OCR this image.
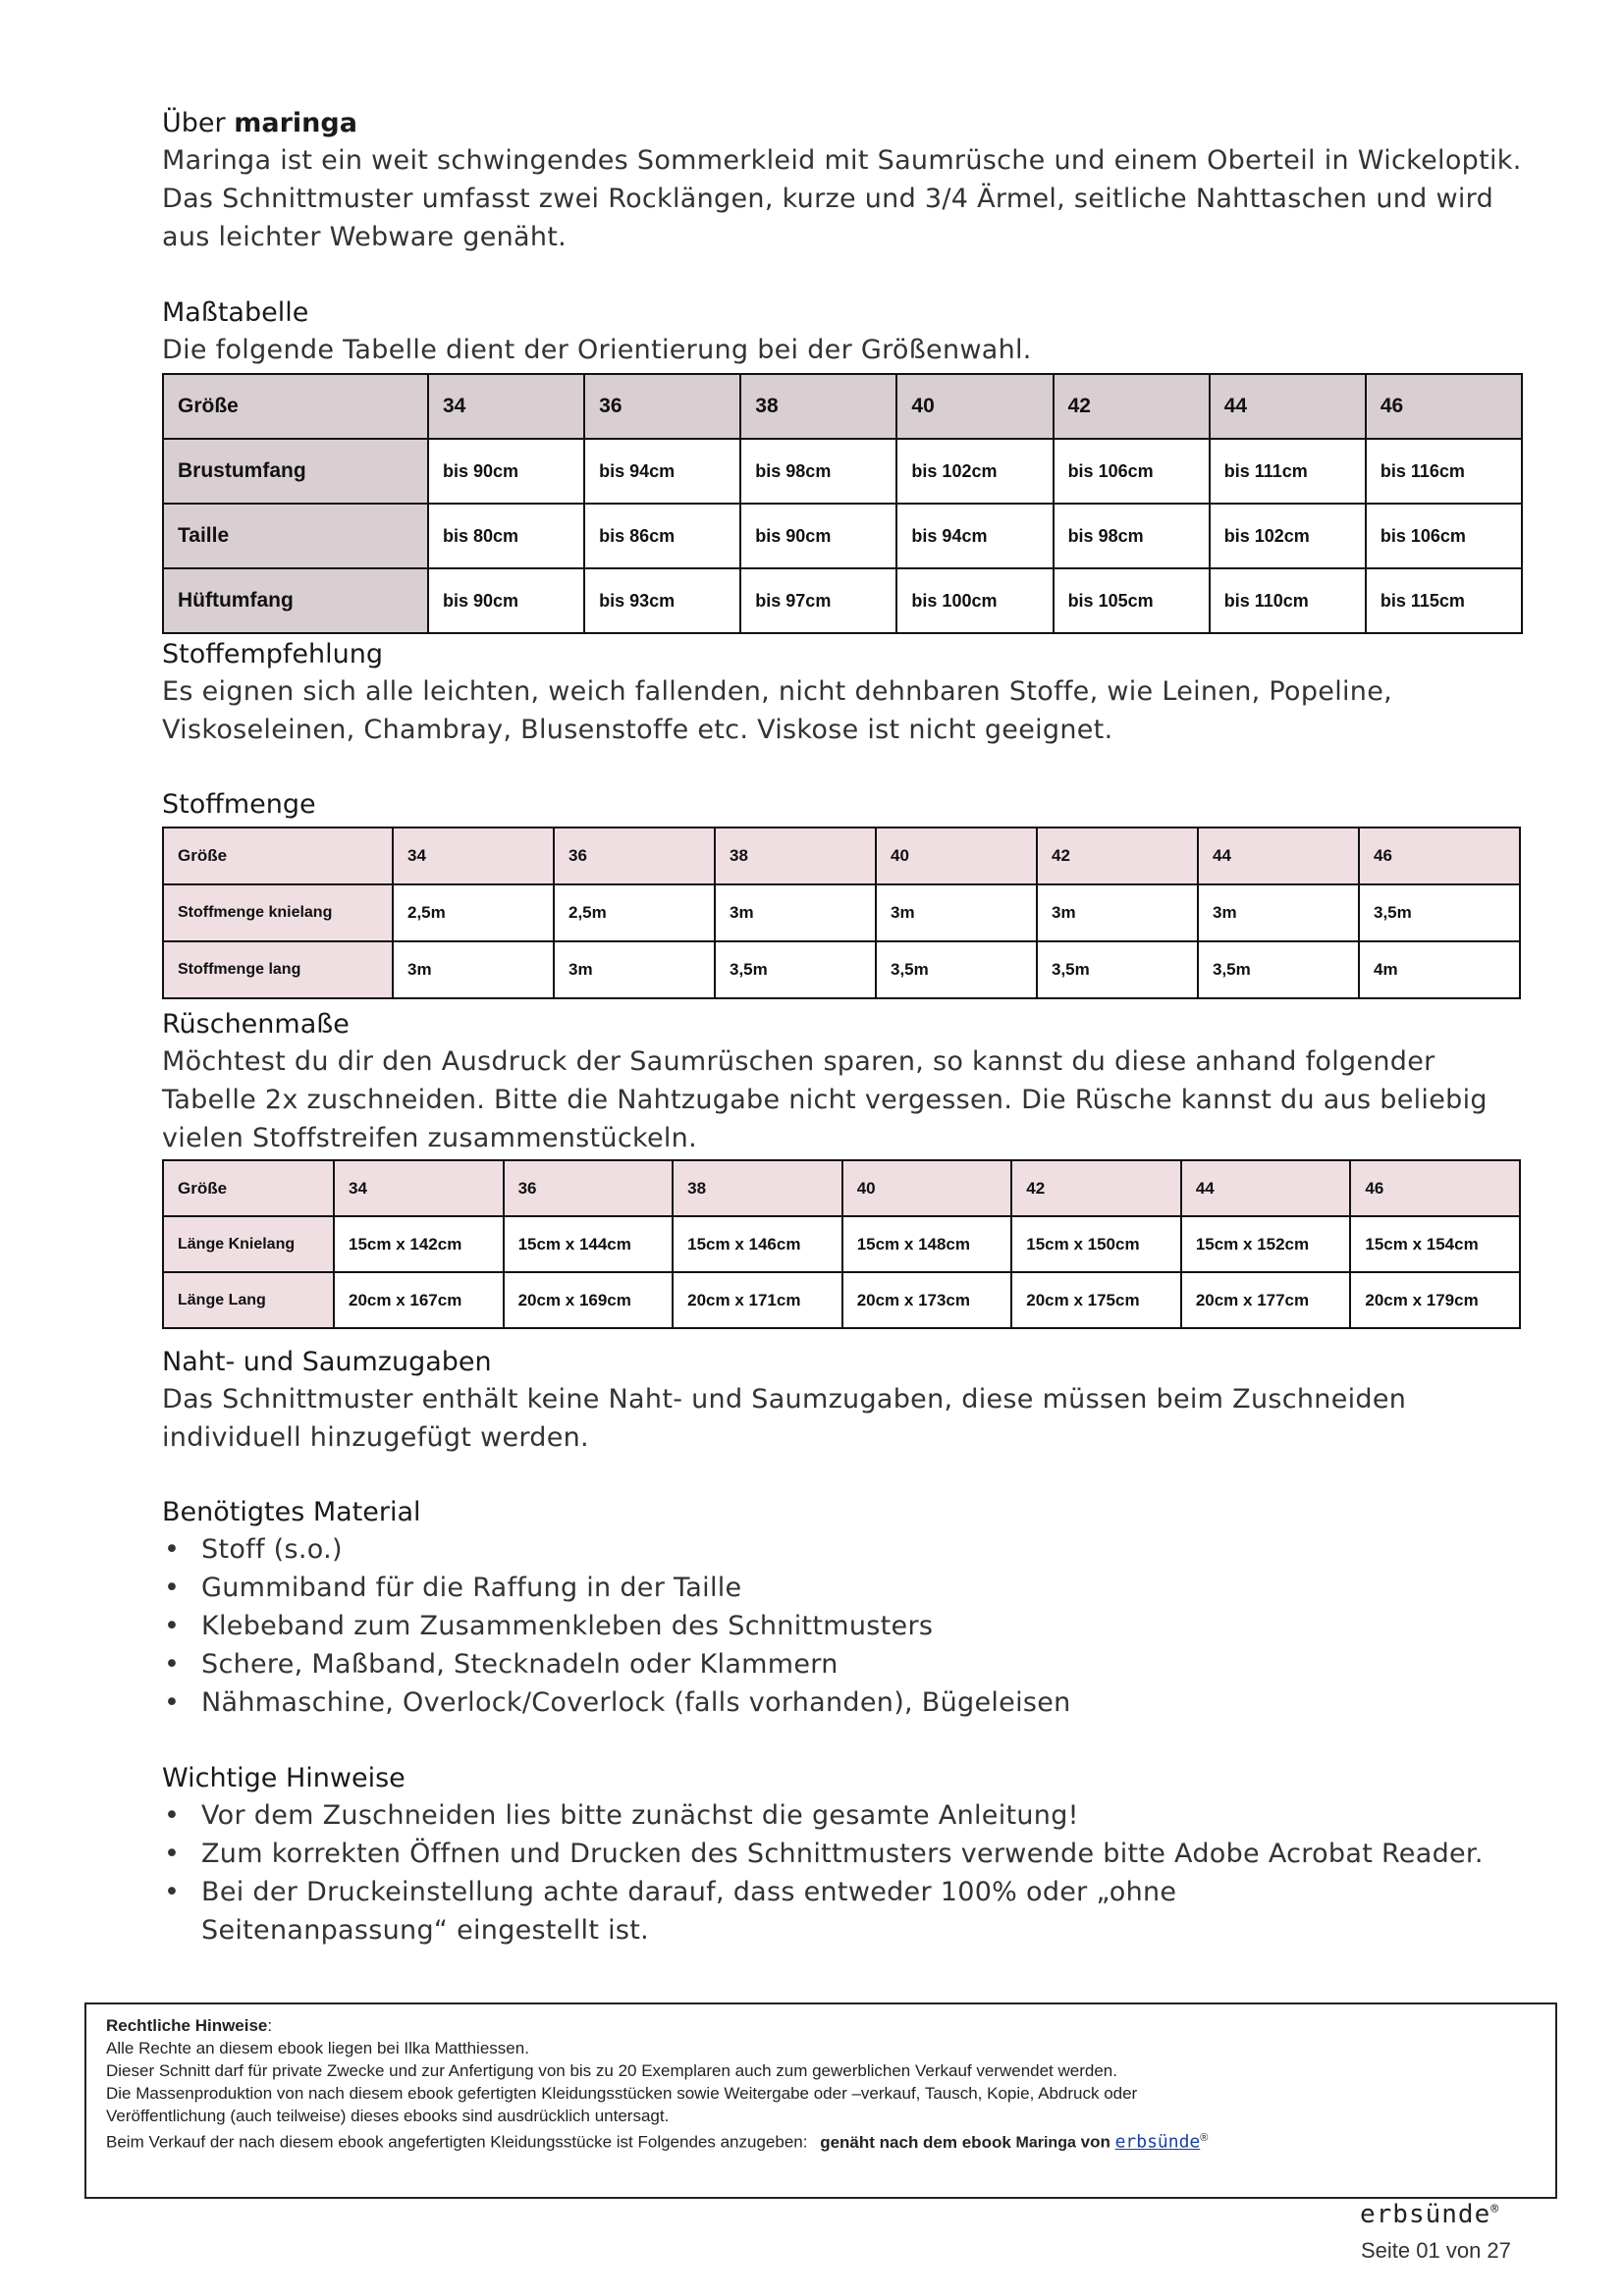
Über maringa
Maringa ist ein weit schwingendes Sommerkleid mit Saumrüsche und einem Oberteil in Wickeloptik. Das Schnittmuster umfasst zwei Rocklängen, kurze und 3/4 Ärmel, seitliche Nahttaschen und wird aus leichter Webware genäht.
Maßtabelle
Die folgende Tabelle dient der Orientierung bei der Größenwahl.
Größe	34	36	38	40	42	44	46
Brustumfang	bis 90cm	bis 94cm	bis 98cm	bis 102cm	bis 106cm	bis 111cm	bis 116cm
Taille	bis 80cm	bis 86cm	bis 90cm	bis 94cm	bis 98cm	bis 102cm	bis 106cm
Hüftumfang	bis 90cm	bis 93cm	bis 97cm	bis 100cm	bis 105cm	bis 110cm	bis 115cm
Stoffempfehlung
Es eignen sich alle leichten, weich fallenden, nicht dehnbaren Stoffe, wie Leinen, Popeline, Viskoseleinen, Chambray, Blusenstoffe etc. Viskose ist nicht geeignet.
Stoffmenge
Größe	34	36	38	40	42	44	46
Stoffmenge knielang	2,5m	2,5m	3m	3m	3m	3m	3,5m
Stoffmenge lang	3m	3m	3,5m	3,5m	3,5m	3,5m	4m
Rüschenmaße
Möchtest du dir den Ausdruck der Saumrüschen sparen, so kannst du diese anhand folgender Tabelle 2x zuschneiden. Bitte die Nahtzugabe nicht vergessen. Die Rüsche kannst du aus beliebig vielen Stoffstreifen zusammenstückeln.
Größe	34	36	38	40	42	44	46
Länge Knielang	15cm x 142cm	15cm x 144cm	15cm x 146cm	15cm x 148cm	15cm x 150cm	15cm x 152cm	15cm x 154cm
Länge Lang	20cm x 167cm	20cm x 169cm	20cm x 171cm	20cm x 173cm	20cm x 175cm	20cm x 177cm	20cm x 179cm
Naht- und Saumzugaben
Das Schnittmuster enthält keine Naht- und Saumzugaben, diese müssen beim Zuschneiden individuell hinzugefügt werden.
Benötigtes Material
• Stoff (s.o.)
• Gummiband für die Raffung in der Taille
• Klebeband zum Zusammenkleben des Schnittmusters
• Schere, Maßband, Stecknadeln oder Klammern
• Nähmaschine, Overlock/Coverlock (falls vorhanden), Bügeleisen
Wichtige Hinweise
• Vor dem Zuschneiden lies bitte zunächst die gesamte Anleitung!
• Zum korrekten Öffnen und Drucken des Schnittmusters verwende bitte Adobe Acrobat Reader.
• Bei der Druckeinstellung achte darauf, dass entweder 100% oder „ohne Seitenanpassung“ eingestellt ist.
Rechtliche Hinweise:
Alle Rechte an diesem ebook liegen bei Ilka Matthiessen.
Dieser Schnitt darf für private Zwecke und zur Anfertigung von bis zu 20 Exemplaren auch zum gewerblichen Verkauf verwendet werden.
Die Massenproduktion von nach diesem ebook gefertigten Kleidungsstücken sowie Weitergabe oder –verkauf, Tausch, Kopie, Abdruck oder
Veröffentlichung (auch teilweise) dieses ebooks sind ausdrücklich untersagt.
Beim Verkauf der nach diesem ebook angefertigten Kleidungsstücke ist Folgendes anzugeben: genäht nach dem ebook Maringa von erbsünde®
erbsünde®
Seite 01 von 27
